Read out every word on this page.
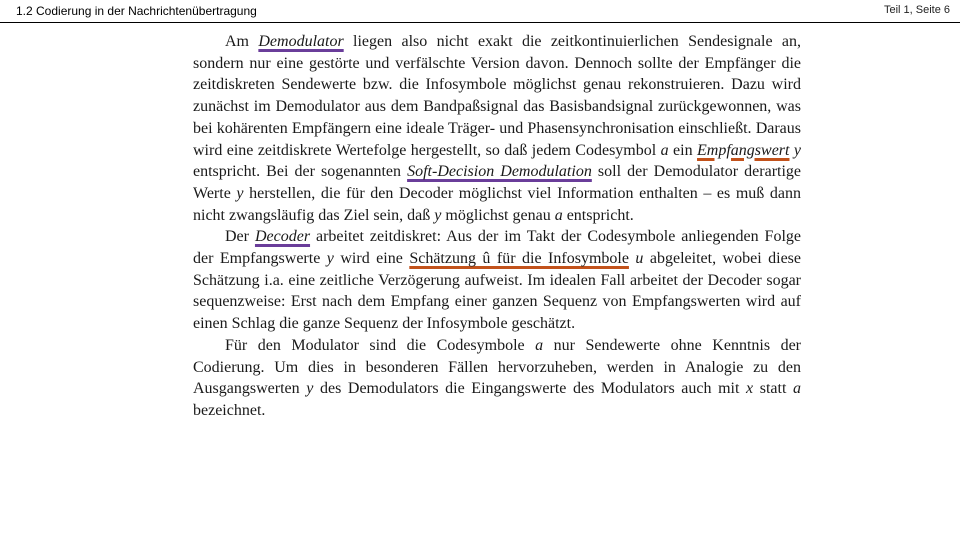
1.2 Codierung in der Nachrichtenübertragung	Teil 1, Seite 6

Am Demodulator liegen also nicht exakt die zeitkontinuierlichen Sendesignale an, sondern nur eine gestörte und verfälschte Version davon. Dennoch sollte der Empfänger die zeitdiskreten Sendewerte bzw. die Infosymbole möglichst genau rekonstruieren. Dazu wird zunächst im Demodulator aus dem Bandpaßsignal das Basisbandsignal zurückgewonnen, was bei kohärenten Empfängern eine ideale Träger- und Phasensynchronisation einschließt. Daraus wird eine zeitdiskrete Wertefolge hergestellt, so daß jedem Codesymbol a ein Empfangswert y entspricht. Bei der sogenannten Soft-Decision Demodulation soll der Demodulator derartige Werte y herstellen, die für den Decoder möglichst viel Information enthalten – es muß dann nicht zwangsläufig das Ziel sein, daß y möglichst genau a entspricht.

Der Decoder arbeitet zeitdiskret: Aus der im Takt der Codesymbole anliegenden Folge der Empfangswerte y wird eine Schätzung û für die Infosymbole u abgeleitet, wobei diese Schätzung i.a. eine zeitliche Verzögerung aufweist. Im idealen Fall arbeitet der Decoder sogar sequenzweise: Erst nach dem Empfang einer ganzen Sequenz von Empfangswerten wird auf einen Schlag die ganze Sequenz der Infosymbole geschätzt.

Für den Modulator sind die Codesymbole a nur Sendewerte ohne Kenntnis der Codierung. Um dies in besonderen Fällen hervorzuheben, werden in Analogie zu den Ausgangswerten y des Demodulators die Eingangswerte des Modulators auch mit x statt a bezeichnet.
